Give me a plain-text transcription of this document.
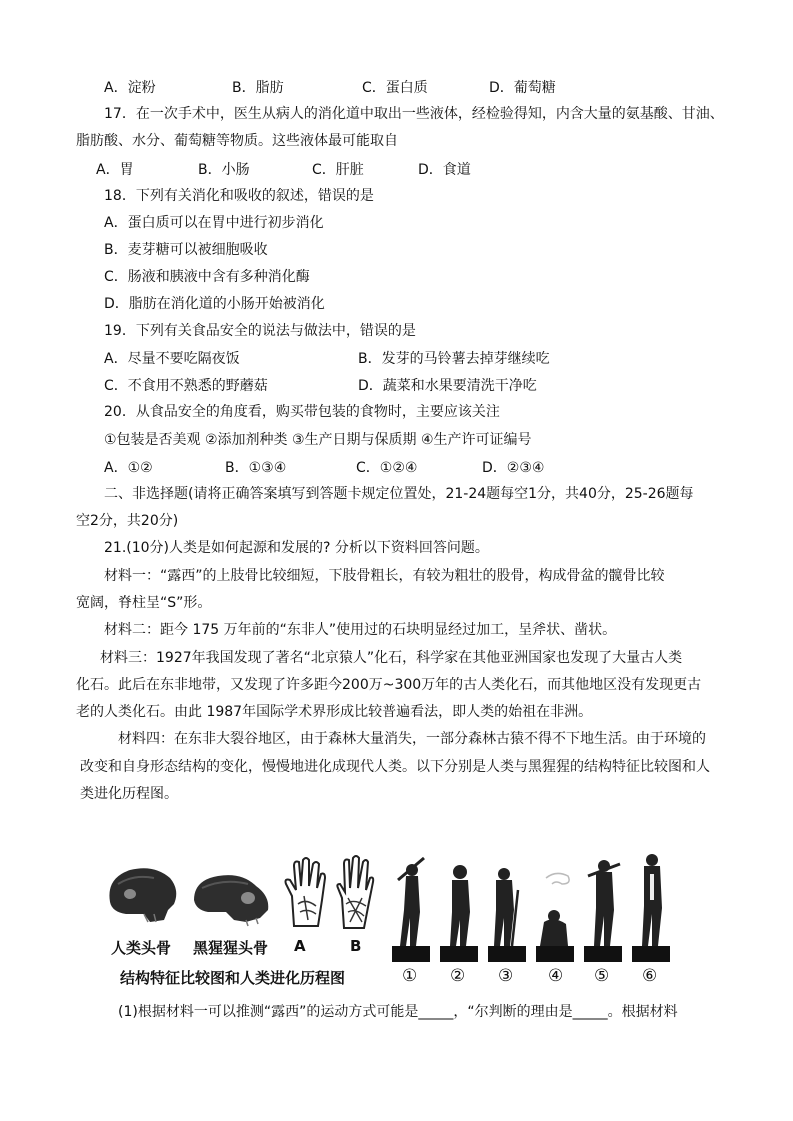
A．淀粉	B．脂肪	C．蛋白质	D．葡萄糖
17．在一次手术中，医生从病人的消化道中取出一些液体，经检验得知，内含大量的氨基酸、甘油、
脂肪酸、水分、葡萄糖等物质。这些液体最可能取自
A．胃	B．小肠	C．肝脏	D．食道
18．下列有关消化和吸收的叙述，错误的是
A．蛋白质可以在胃中进行初步消化
B．麦芽糖可以被细胞吸收
C．肠液和胰液中含有多种消化酶
D．脂肪在消化道的小肠开始被消化
19．下列有关食品安全的说法与做法中，错误的是
A．尽量不要吃隔夜饭	B．发芽的马铃薯去掉芽继续吃
C．不食用不熟悉的野蘑菇	D．蔬菜和水果要清洗干净吃
20．从食品安全的角度看，购买带包装的食物时，主要应该关注
①包装是否美观 ②添加剂种类 ③生产日期与保质期 ④生产许可证编号
A．①②	B．①③④	C．①②④	D．②③④
二、非选择题(请将正确答案填写到答题卡规定位置处，21-24题每空1分，共40分，25-26题每
空2分，共20分)
21.(10分)人类是如何起源和发展的? 分析以下资料回答问题。
材料一：“露西”的上肢骨比较细短，下肢骨粗长，有较为粗壮的股骨，构成骨盆的髋骨比较
宽阔，脊柱呈“S”形。
材料二：距今 175 万年前的“东非人”使用过的石块明显经过加工，呈斧状、凿状。
材料三：1927年我国发现了著名“北京猿人”化石，科学家在其他亚洲国家也发现了大量古人类
化石。此后在东非地带，又发现了许多距今200万~300万年的古人类化石，而其他地区没有发现更古
老的人类化石。由此 1987年国际学术界形成比较普遍看法，即人类的始祖在非洲。
材料四：在东非大裂谷地区，由于森林大量消失，一部分森林古猿不得不下地生活。由于环境的
改变和自身形态结构的变化，慢慢地进化成现代人类。以下分别是人类与黑猩猩的结构特征比较图和人
类进化历程图。
人类头骨 黑猩猩头骨 A	B
结构特征比较图和人类进化历程图	① ② ③ ④ ⑤ ⑥
(1)根据材料一可以推测“露西”的运动方式可能是_____，“尔判断的理由是_____。根据材料
